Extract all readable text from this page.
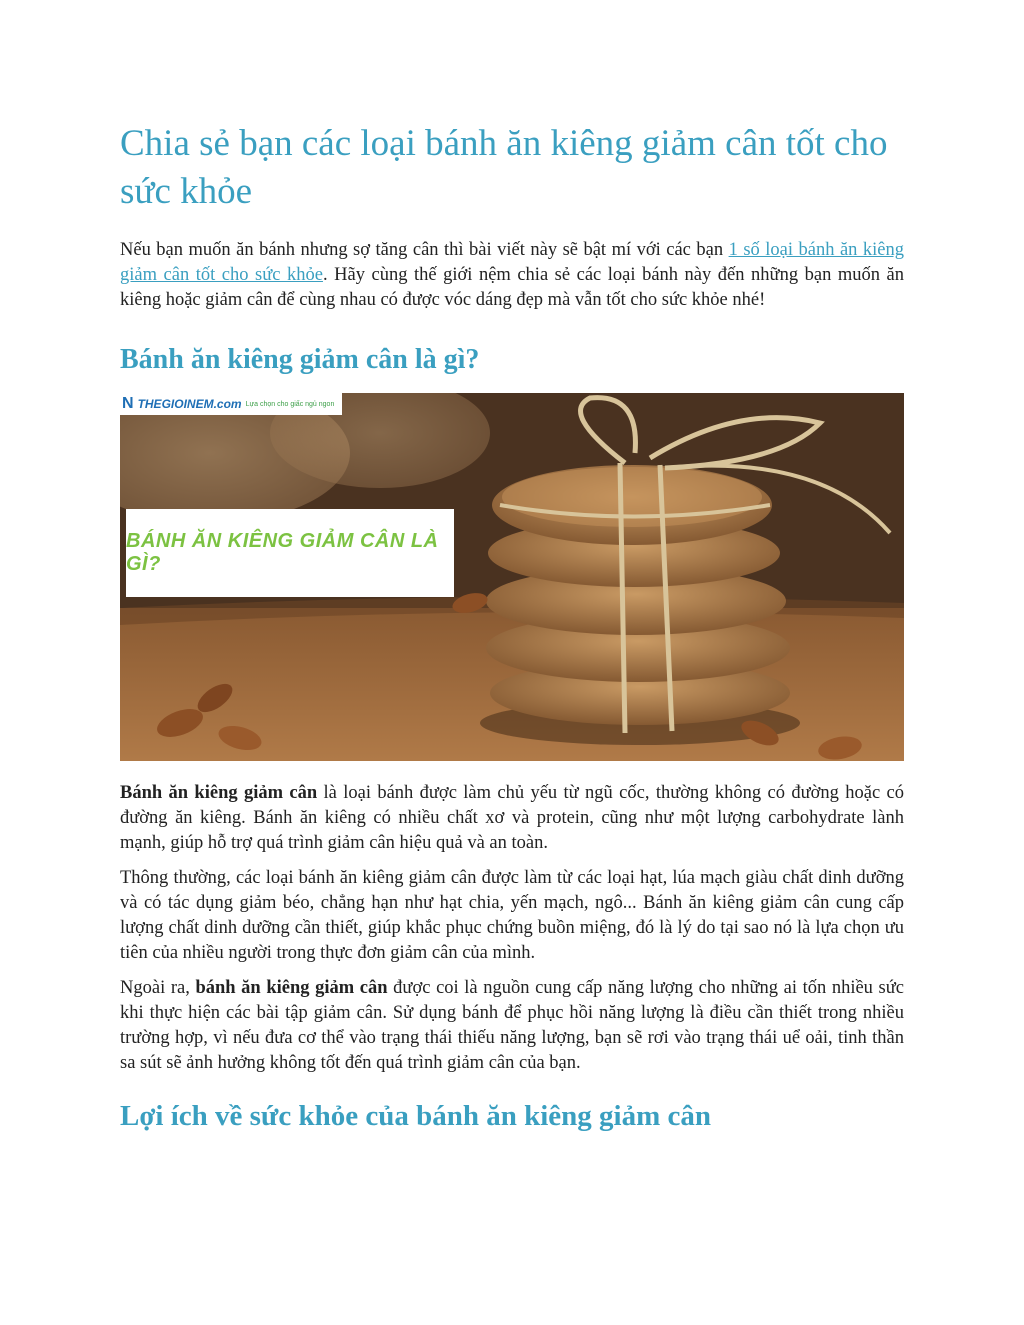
Chia sẻ bạn các loại bánh ăn kiêng giảm cân tốt cho sức khỏe

Nếu bạn muốn ăn bánh nhưng sợ tăng cân thì bài viết này sẽ bật mí với các bạn 1 số loại bánh ăn kiêng giảm cân tốt cho sức khỏe. Hãy cùng thế giới nệm chia sẻ các loại bánh này đến những bạn muốn ăn kiêng hoặc giảm cân để cùng nhau có được vóc dáng đẹp mà vẫn tốt cho sức khỏe nhé!

Bánh ăn kiêng giảm cân là gì?
N THEGIOINEM.com Lựa chọn cho giấc ngủ ngon
BÁNH ĂN KIÊNG GIẢM CÂN LÀ GÌ?

Bánh ăn kiêng giảm cân là loại bánh được làm chủ yếu từ ngũ cốc, thường không có đường hoặc có đường ăn kiêng. Bánh ăn kiêng có nhiều chất xơ và protein, cũng như một lượng carbohydrate lành mạnh, giúp hỗ trợ quá trình giảm cân hiệu quả và an toàn.

Thông thường, các loại bánh ăn kiêng giảm cân được làm từ các loại hạt, lúa mạch giàu chất dinh dưỡng và có tác dụng giảm béo, chẳng hạn như hạt chia, yến mạch, ngô... Bánh ăn kiêng giảm cân cung cấp lượng chất dinh dưỡng cần thiết, giúp khắc phục chứng buồn miệng, đó là lý do tại sao nó là lựa chọn ưu tiên của nhiều người trong thực đơn giảm cân của mình.

Ngoài ra, bánh ăn kiêng giảm cân được coi là nguồn cung cấp năng lượng cho những ai tốn nhiều sức khi thực hiện các bài tập giảm cân. Sử dụng bánh để phục hồi năng lượng là điều cần thiết trong nhiều trường hợp, vì nếu đưa cơ thể vào trạng thái thiếu năng lượng, bạn sẽ rơi vào trạng thái uể oải, tinh thần sa sút sẽ ảnh hưởng không tốt đến quá trình giảm cân của bạn.

Lợi ích về sức khỏe của bánh ăn kiêng giảm cân
